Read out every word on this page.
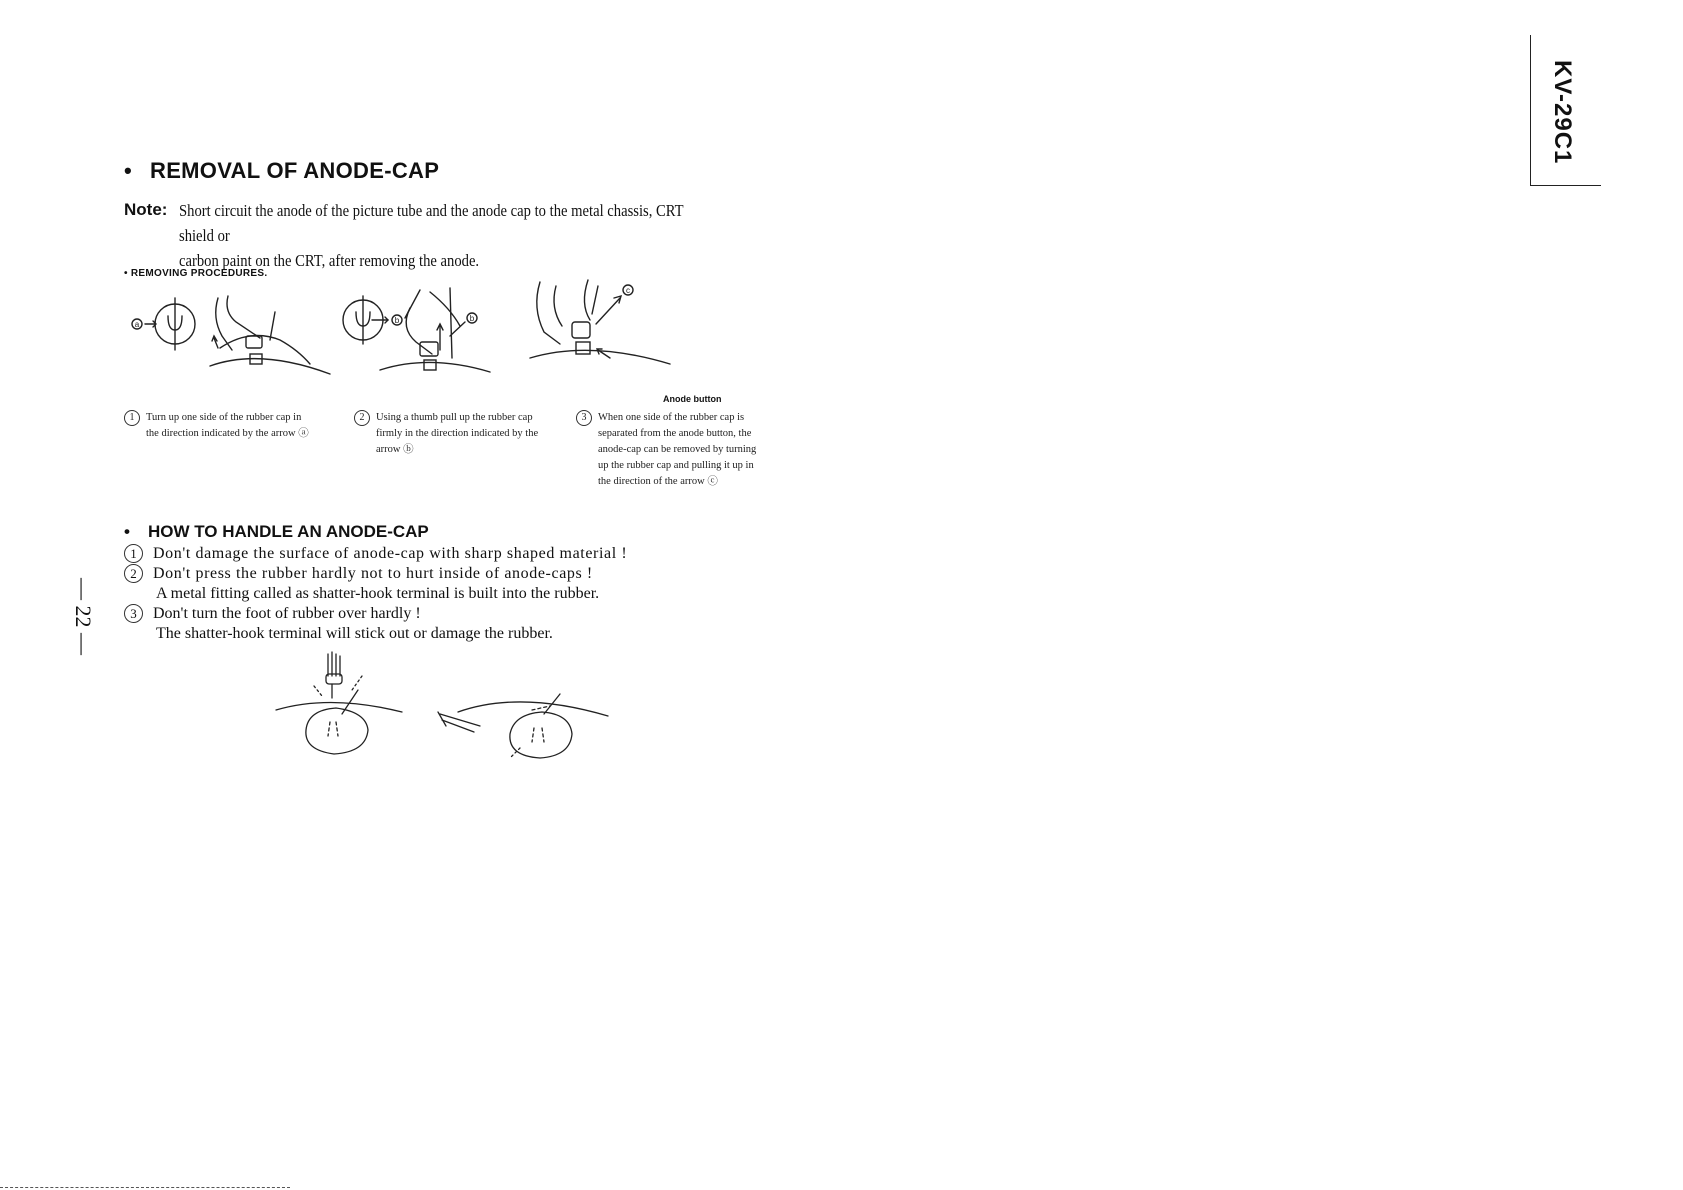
KV-29C1
— 22 —
• REMOVAL OF ANODE-CAP
Note: Short circuit the anode of the picture tube and the anode cap to the metal chassis, CRT shield or
carbon paint on the CRT, after removing the anode.
• REMOVING PROCEDURES.
a	b	b
c
Anode button
1 Turn up one side of the rubber cap in
the direction indicated by the arrow ⓐ
2 Using a thumb pull up the rubber cap
firmly in the direction indicated by the
arrow ⓑ
3 When one side of the rubber cap is
separated from the anode button, the
anode-cap can be removed by turning
up the rubber cap and pulling it up in
the direction of the arrow ⓒ
• HOW TO HANDLE AN ANODE-CAP
1 Don't damage the surface of anode-cap with sharp shaped material !
2 Don't press the rubber hardly not to hurt inside of anode-caps !
A metal fitting called as shatter-hook terminal is built into the rubber.
3 Don't turn the foot of rubber over hardly !
The shatter-hook terminal will stick out or damage the rubber.
